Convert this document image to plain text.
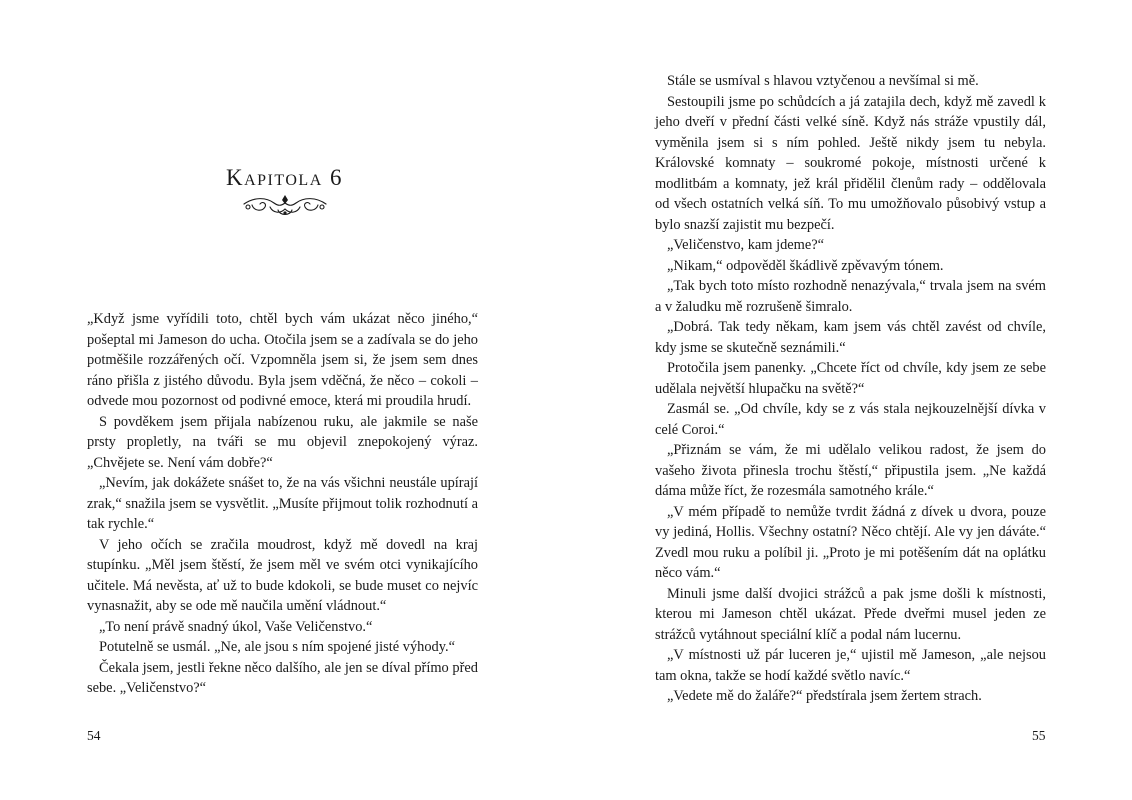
Kapitola 6

„Když jsme vyřídili toto, chtěl bych vám ukázat něco jiného,“ pošeptal mi Jameson do ucha. Otočila jsem se a zadívala se do jeho potměšile rozzářených očí. Vzpomněla jsem si, že jsem sem dnes ráno přišla z jistého důvodu. Byla jsem vděčná, že něco – cokoli – odvede mou pozornost od podivné emoce, která mi proudila hrudí.

S povděkem jsem přijala nabízenou ruku, ale jakmile se naše prsty propletly, na tváři se mu objevil znepokojený výraz. „Chvějete se. Není vám dobře?“

„Nevím, jak dokážete snášet to, že na vás všichni neustále upírají zrak,“ snažila jsem se vysvětlit. „Musíte přijmout tolik rozhodnutí a tak rychle.“

V jeho očích se zračila moudrost, když mě dovedl na kraj stupínku. „Měl jsem štěstí, že jsem měl ve svém otci vynikajícího učitele. Má nevěsta, ať už to bude kdokoli, se bude muset co nejvíc vynasnažit, aby se ode mě naučila umění vládnout.“

„To není právě snadný úkol, Vaše Veličenstvo.“

Potutelně se usmál. „Ne, ale jsou s ním spojené jisté výhody.“

Čekala jsem, jestli řekne něco dalšího, ale jen se díval přímo před sebe. „Veličenstvo?“

54

Stále se usmíval s hlavou vztyčenou a nevšímal si mě.

Sestoupili jsme po schůdcích a já zatajila dech, když mě zavedl k jeho dveří v přední části velké síně. Když nás stráže vpustily dál, vyměnila jsem si s ním pohled. Ještě nikdy jsem tu nebyla. Královské komnaty – soukromé pokoje, místnosti určené k modlitbám a komnaty, jež král přidělil členům rady – oddělovala od všech ostatních velká síň. To mu umožňovalo působivý vstup a bylo snazší zajistit mu bezpečí.

„Veličenstvo, kam jdeme?“

„Nikam,“ odpověděl škádlivě zpěvavým tónem.

„Tak bych toto místo rozhodně nenazývala,“ trvala jsem na svém a v žaludku mě rozrušeně šimralo.

„Dobrá. Tak tedy někam, kam jsem vás chtěl zavést od chvíle, kdy jsme se skutečně seznámili.“

Protočila jsem panenky. „Chcete říct od chvíle, kdy jsem ze sebe udělala největší hlupačku na světě?“

Zasmál se. „Od chvíle, kdy se z vás stala nejkouzelnější dívka v celé Coroi.“

„Přiznám se vám, že mi udělalo velikou radost, že jsem do vašeho života přinesla trochu štěstí,“ připustila jsem. „Ne každá dáma může říct, že rozesmála samotného krále.“

„V mém případě to nemůže tvrdit žádná z dívek u dvora, pouze vy jediná, Hollis. Všechny ostatní? Něco chtějí. Ale vy jen dáváte.“ Zvedl mou ruku a políbil ji. „Proto je mi potěšením dát na oplátku něco vám.“

Minuli jsme další dvojici strážců a pak jsme došli k místnosti, kterou mi Jameson chtěl ukázat. Přede dveřmi musel jeden ze strážců vytáhnout speciální klíč a podal nám lucernu.

„V místnosti už pár luceren je,“ ujistil mě Jameson, „ale nejsou tam okna, takže se hodí každé světlo navíc.“

„Vedete mě do žaláře?“ předstírala jsem žertem strach.

55
